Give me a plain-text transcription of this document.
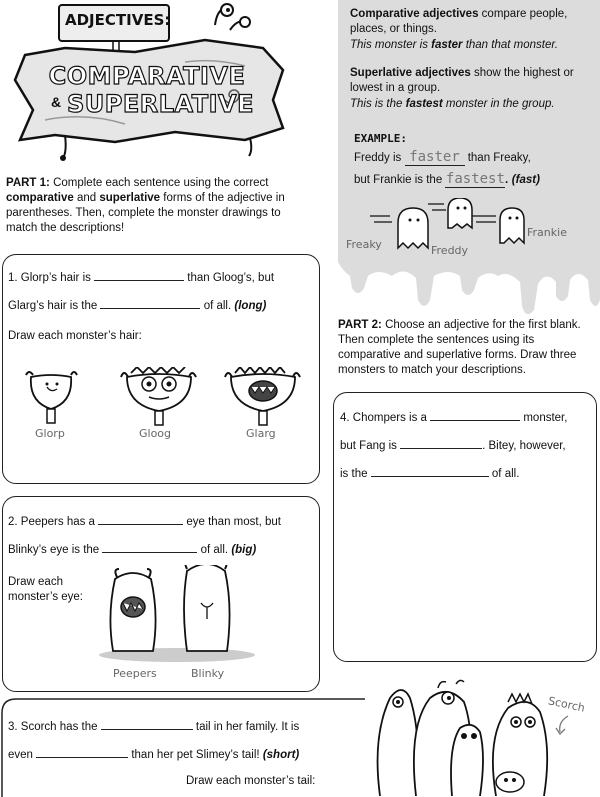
ADJECTIVES:
COMPARATIVE
& SUPERLATIVE
Comparative adjectives compare people, places, or things.
This monster is faster than that monster.
Superlative adjectives show the highest or lowest in a group.
This is the fastest monster in the group.
EXAMPLE:
Freddy is faster than Freaky,
but Frankie is the fastest. (fast)
Freaky	Freddy
Frankie
PART 1: Complete each sentence using the correct comparative and superlative forms of the adjective in parentheses. Then, complete the monster drawings to match the descriptions!
1. Glorp’s hair is	than Gloog’s, but
Glarg’s hair is the	of all. (long)
Draw each monster’s hair:
Glorp	Gloog	Glarg
2. Peepers has a	eye than most, but
Blinky’s eye is the	of all. (big)
Draw each
monster’s eye:
Peepers	Blinky
PART 2: Choose an adjective for the first blank. Then complete the sentences using its comparative and superlative forms. Draw three monsters to match your descriptions.
4. Chompers is a	monster,
but Fang is	. Bitey, however,
is the	of all.
3. Scorch has the	tail in her family. It is
even	than her pet Slimey’s tail! (short)
Draw each monster’s tail:
Scorch
